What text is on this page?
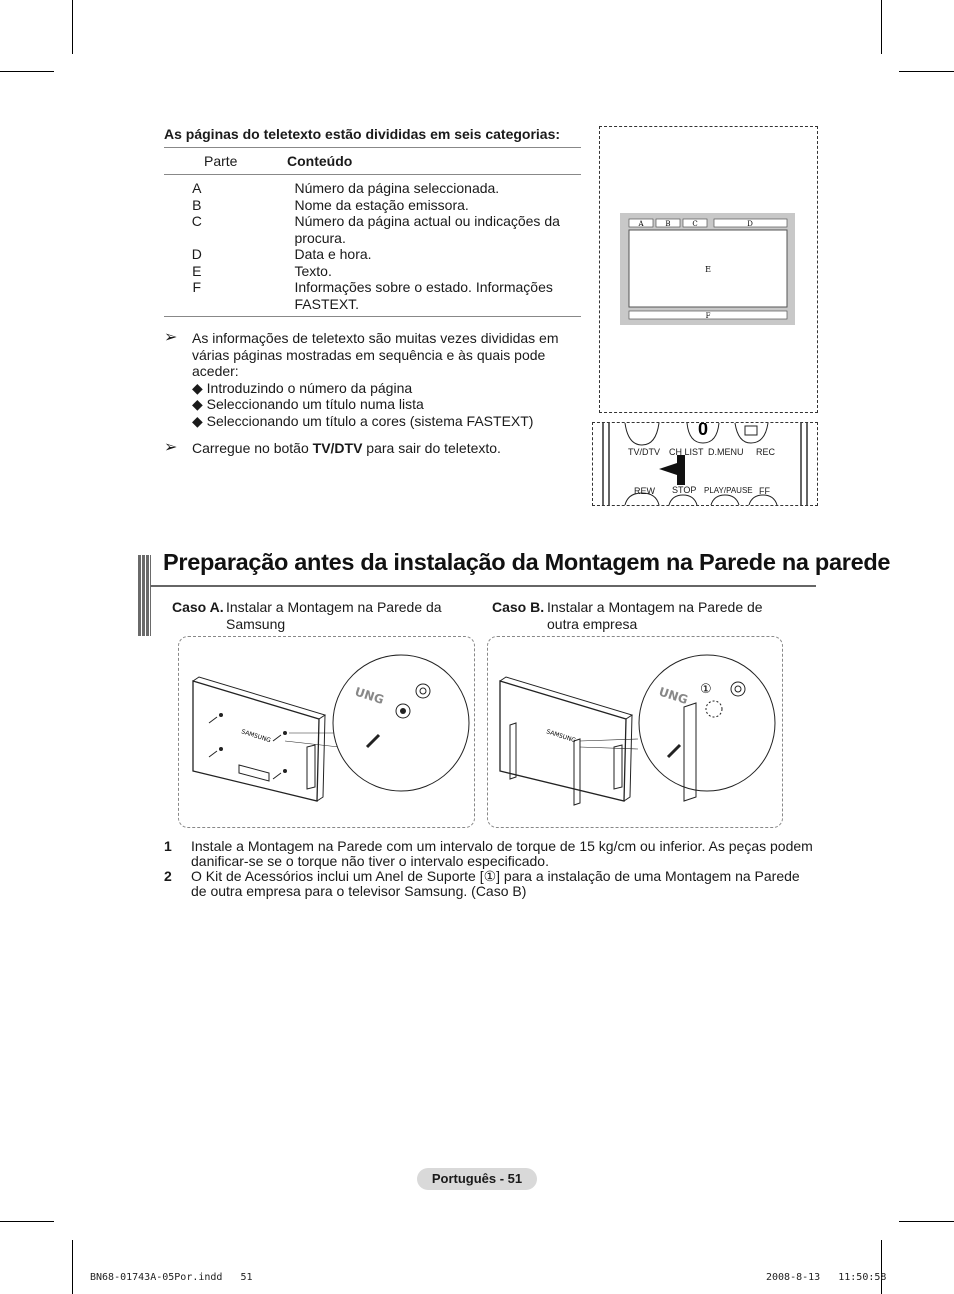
As páginas do teletexto estão divididas em seis categorias:
Parte	Conteúdo
A	Número da página seleccionada.
B	Nome da estação emissora.
C	Número da página actual ou indicações da procura.
D	Data e hora.
E	Texto.
F	Informações sobre o estado. Informações FASTEXT.
➢ As informações de teletexto são muitas vezes divididas em várias páginas mostradas em sequência e às quais pode aceder:
◆ Introduzindo o número da página
◆ Seleccionando um título numa lista
◆ Seleccionando um título a cores (sistema FASTEXT)
➢ Carregue no botão TV/DTV para sair do teletexto.
A	B	C	D
E
F
0
TV/DTV CH LIST D.MENU REC
REW STOP PLAY/PAUSE FF
Preparação antes da instalação da Montagem na Parede na parede
Caso A. Instalar a Montagem na Parede da Samsung
Caso B. Instalar a Montagem na Parede de outra empresa
SAMSUNG
UNG
SAMSUNG
UNG ①
1 Instale a Montagem na Parede com um intervalo de torque de 15 kg/cm ou inferior. As peças podem danificar-se se o torque não tiver o intervalo especificado.
2 O Kit de Acessórios inclui um Anel de Suporte [①] para a instalação de uma Montagem na Parede de outra empresa para o televisor Samsung. (Caso B)
Português - 51
BN68-01743A-05Por.indd   51	2008-8-13   11:50:58
